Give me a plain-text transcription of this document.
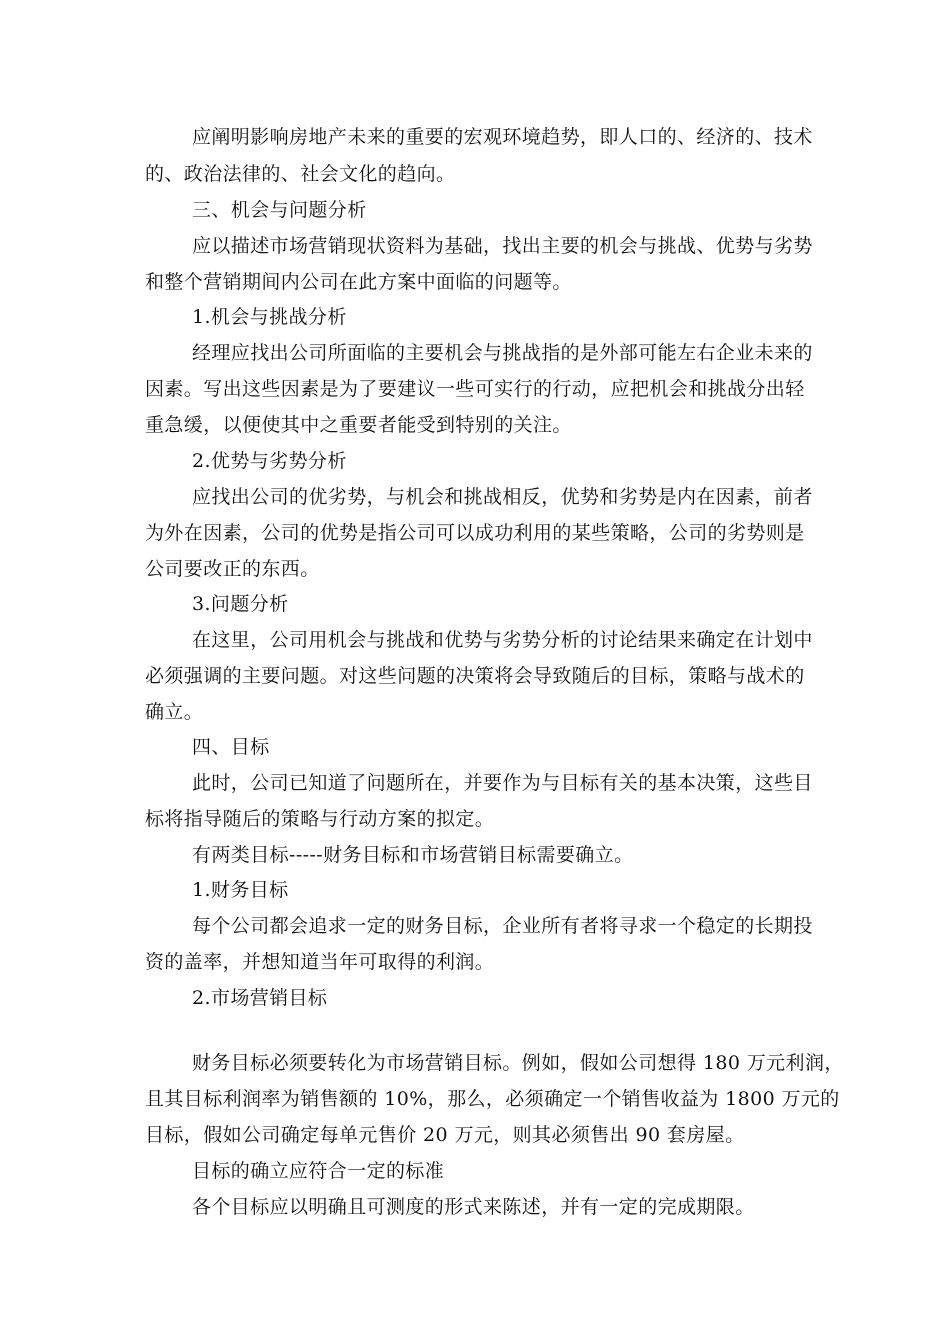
应阐明影响房地产未来的重要的宏观环境趋势，即人口的、经济的、技术
的、政治法律的、社会文化的趋向。
三、机会与问题分析
应以描述市场营销现状资料为基础，找出主要的机会与挑战、优势与劣势
和整个营销期间内公司在此方案中面临的问题等。
1.机会与挑战分析
经理应找出公司所面临的主要机会与挑战指的是外部可能左右企业未来的
因素。写出这些因素是为了要建议一些可实行的行动，应把机会和挑战分出轻
重急缓，以便使其中之重要者能受到特别的关注。
2.优势与劣势分析
应找出公司的优劣势，与机会和挑战相反，优势和劣势是内在因素，前者
为外在因素，公司的优势是指公司可以成功利用的某些策略，公司的劣势则是
公司要改正的东西。
3.问题分析
在这里，公司用机会与挑战和优势与劣势分析的讨论结果来确定在计划中
必须强调的主要问题。对这些问题的决策将会导致随后的目标，策略与战术的
确立。
四、目标
此时，公司已知道了问题所在，并要作为与目标有关的基本决策，这些目
标将指导随后的策略与行动方案的拟定。
有两类目标-----财务目标和市场营销目标需要确立。
1.财务目标
每个公司都会追求一定的财务目标，企业所有者将寻求一个稳定的长期投
资的盖率，并想知道当年可取得的利润。
2.市场营销目标
财务目标必须要转化为市场营销目标。例如，假如公司想得 180 万元利润，
且其目标利润率为销售额的 10%，那么，必须确定一个销售收益为 1800 万元的
目标，假如公司确定每单元售价 20 万元，则其必须售出 90 套房屋。
目标的确立应符合一定的标准
各个目标应以明确且可测度的形式来陈述，并有一定的完成期限。
